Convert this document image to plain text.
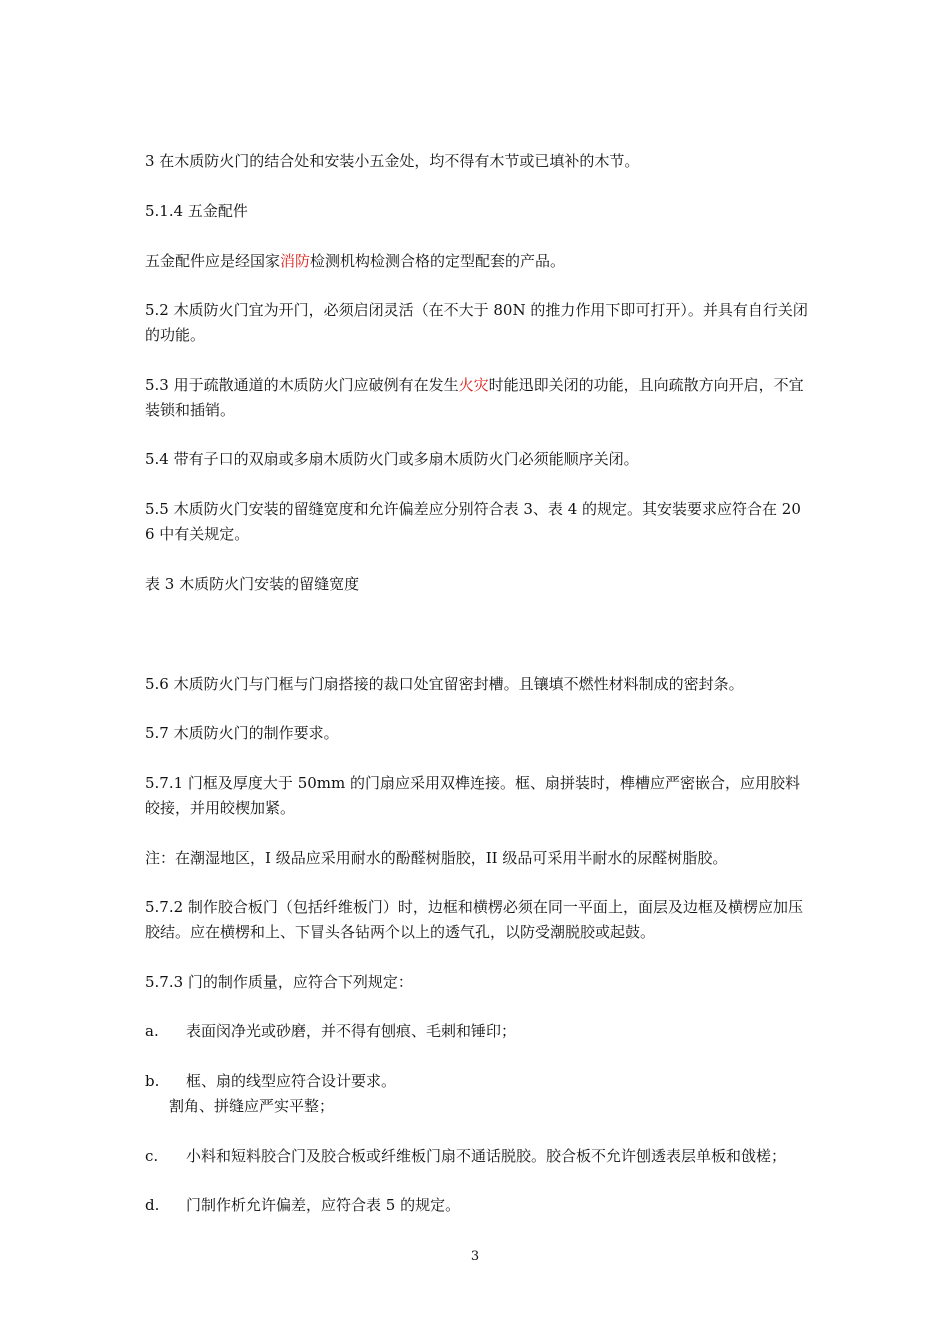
3 在木质防火门的结合处和安装小五金处，均不得有木节或已填补的木节。
5.1.4 五金配件
五金配件应是经国家消防检测机构检测合格的定型配套的产品。
5.2 木质防火门宜为开门，必须启闭灵活（在不大于 80N 的推力作用下即可打开）。并具有自行关闭的功能。
5.3 用于疏散通道的木质防火门应破例有在发生火灾时能迅即关闭的功能，且向疏散方向开启，不宜装锁和插销。
5.4 带有子口的双扇或多扇木质防火门或多扇木质防火门必须能顺序关闭。
5.5 木质防火门安装的留缝宽度和允许偏差应分别符合表 3、表 4 的规定。其安装要求应符合在 206 中有关规定。
表 3 木质防火门安装的留缝宽度
5.6 木质防火门与门框与门扇搭接的裁口处宜留密封槽。且镶填不燃性材料制成的密封条。
5.7 木质防火门的制作要求。
5.7.1 门框及厚度大于 50mm 的门扇应采用双榫连接。框、扇拼装时，榫槽应严密嵌合，应用胶料皎接，并用皎楔加紧。
注：在潮湿地区，I 级品应采用耐水的酚醛树脂胶，II 级品可采用半耐水的尿醛树脂胶。
5.7.2 制作胶合板门（包括纤维板门）时，边框和横楞必须在同一平面上，面层及边框及横楞应加压胶结。应在横楞和上、下冒头各钻两个以上的透气孔，以防受潮脱胶或起鼓。
5.7.3 门的制作质量，应符合下列规定：
a. 表面闵净光或砂磨，并不得有刨痕、毛刺和锤印；
b. 框、扇的线型应符合设计要求。
割角、拼缝应严实平整；
c. 小料和短料胶合门及胶合板或纤维板门扇不通话脱胶。胶合板不允许刨透表层单板和戗槎；
d. 门制作析允许偏差，应符合表 5 的规定。
3
